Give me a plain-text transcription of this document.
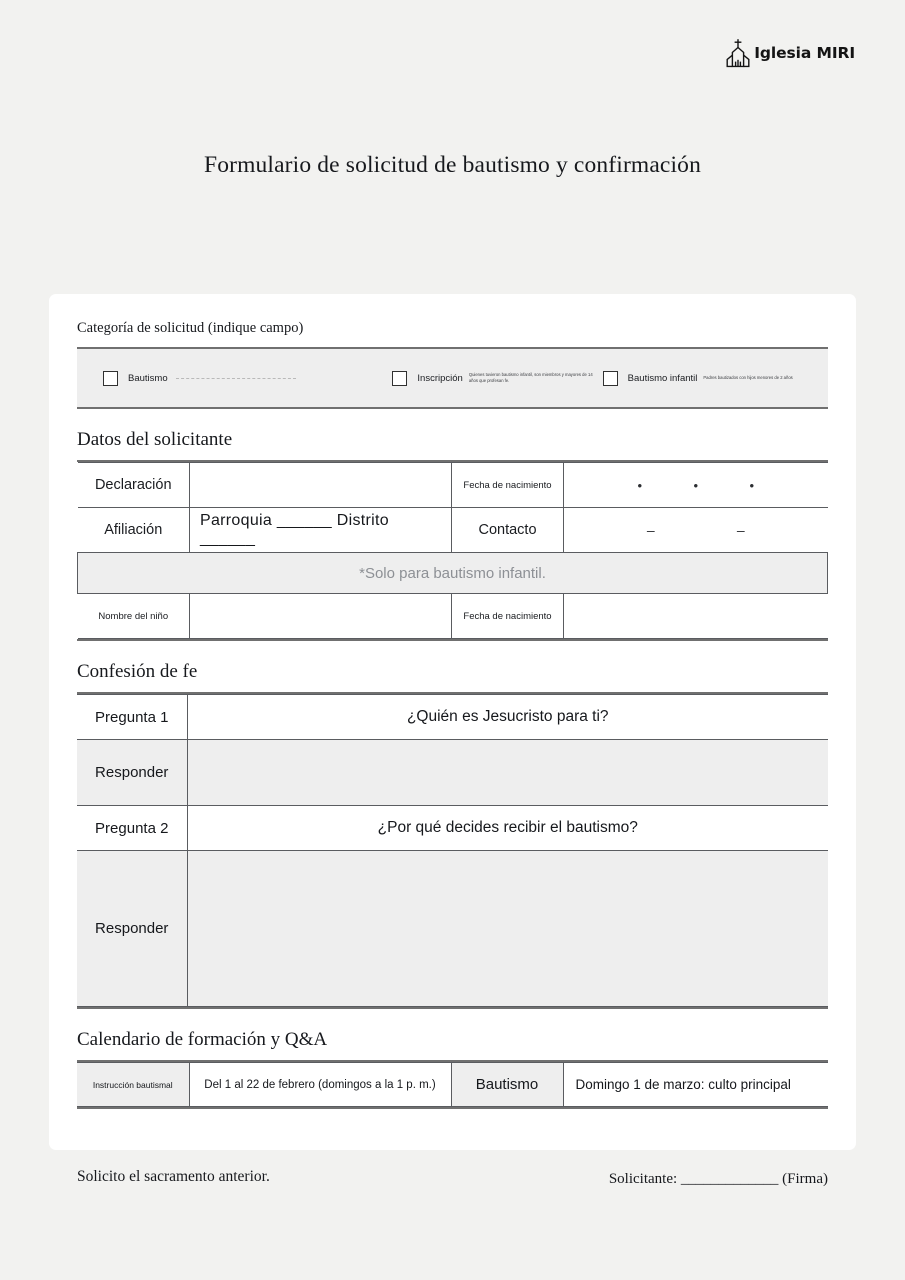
Iglesia MIRI
Formulario de solicitud de bautismo y confirmación
Categoría de solicitud (indique campo)
Bautismo	Inscripción Quienes tuvieron bautismo infantil, son miembros y mayores de 14 años que profesan fe.	Bautismo infantil Padres bautizados con hijos menores de 2 años
Datos del solicitante
Declaración		Fecha de nacimiento	• • •

Afiliación	Parroquia ______ Distrito ______	Contacto	– –

*Solo para bautismo infantil.			
Nombre del niño		Fecha de nacimiento	
Confesión de fe
Pregunta 1	¿Quién es Jesucristo para ti?
Responder	
Pregunta 2	¿Por qué decides recibir el bautismo?
Responder	
Calendario de formación y Q&A
Instrucción bautismal	Del 1 al 22 de febrero (domingos a la 1 p. m.)	Bautismo	Domingo 1 de marzo: culto principal
Solicito el sacramento anterior.	Solicitante: _____________ (Firma)
